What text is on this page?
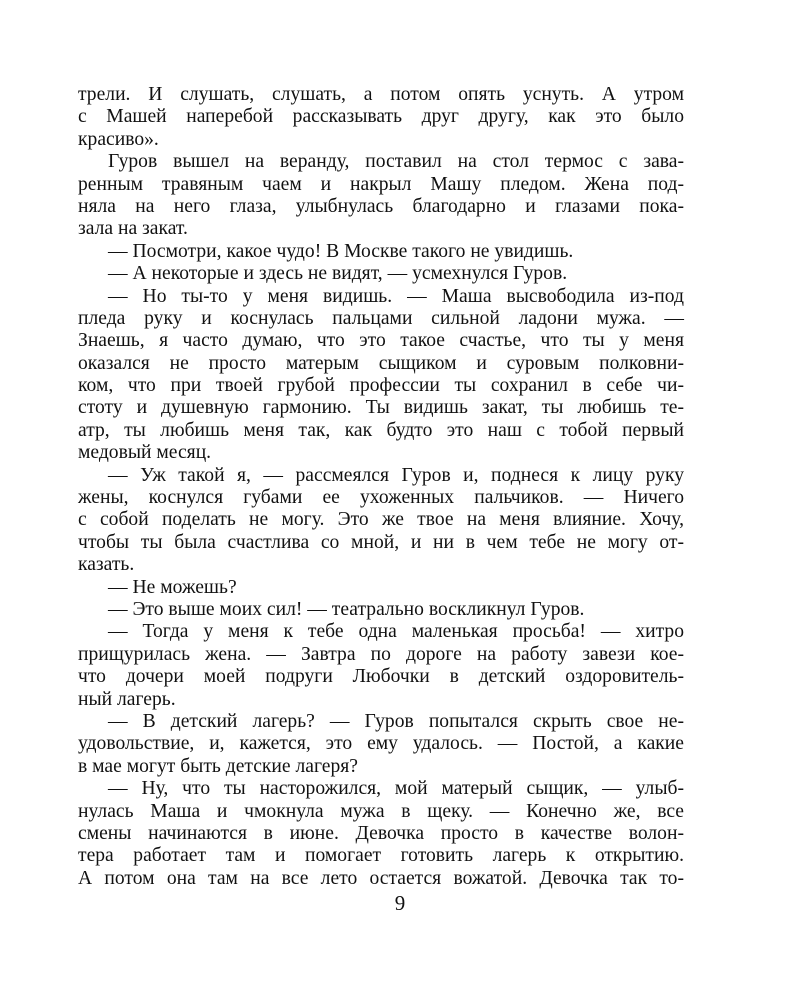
трели. И слушать, слушать, а потом опять уснуть. А утром
с Машей наперебой рассказывать друг другу, как это было
красиво».
Гуров вышел на веранду, поставил на стол термос с зава-
ренным травяным чаем и накрыл Машу пледом. Жена под-
няла на него глаза, улыбнулась благодарно и глазами пока-
зала на закат.
— Посмотри, какое чудо! В Москве такого не увидишь.
— А некоторые и здесь не видят, — усмехнулся Гуров.
— Но ты-то у меня видишь. — Маша высвободила из-под
пледа руку и коснулась пальцами сильной ладони мужа. —
Знаешь, я часто думаю, что это такое счастье, что ты у меня
оказался не просто матерым сыщиком и суровым полковни-
ком, что при твоей грубой профессии ты сохранил в себе чи-
стоту и душевную гармонию. Ты видишь закат, ты любишь те-
атр, ты любишь меня так, как будто это наш с тобой первый
медовый месяц.
— Уж такой я, — рассмеялся Гуров и, поднеся к лицу руку
жены, коснулся губами ее ухоженных пальчиков. — Ничего
с собой поделать не могу. Это же твое на меня влияние. Хочу,
чтобы ты была счастлива со мной, и ни в чем тебе не могу от-
казать.
— Не можешь?
— Это выше моих сил! — театрально воскликнул Гуров.
— Тогда у меня к тебе одна маленькая просьба! — хитро
прищурилась жена. — Завтра по дороге на работу завези кое-
что дочери моей подруги Любочки в детский оздоровитель-
ный лагерь.
— В детский лагерь? — Гуров попытался скрыть свое не-
удовольствие, и, кажется, это ему удалось. — Постой, а какие
в мае могут быть детские лагеря?
— Ну, что ты насторожился, мой матерый сыщик, — улыб-
нулась Маша и чмокнула мужа в щеку. — Конечно же, все
смены начинаются в июне. Девочка просто в качестве волон-
тера работает там и помогает готовить лагерь к открытию.
А потом она там на все лето остается вожатой. Девочка так то-
9
